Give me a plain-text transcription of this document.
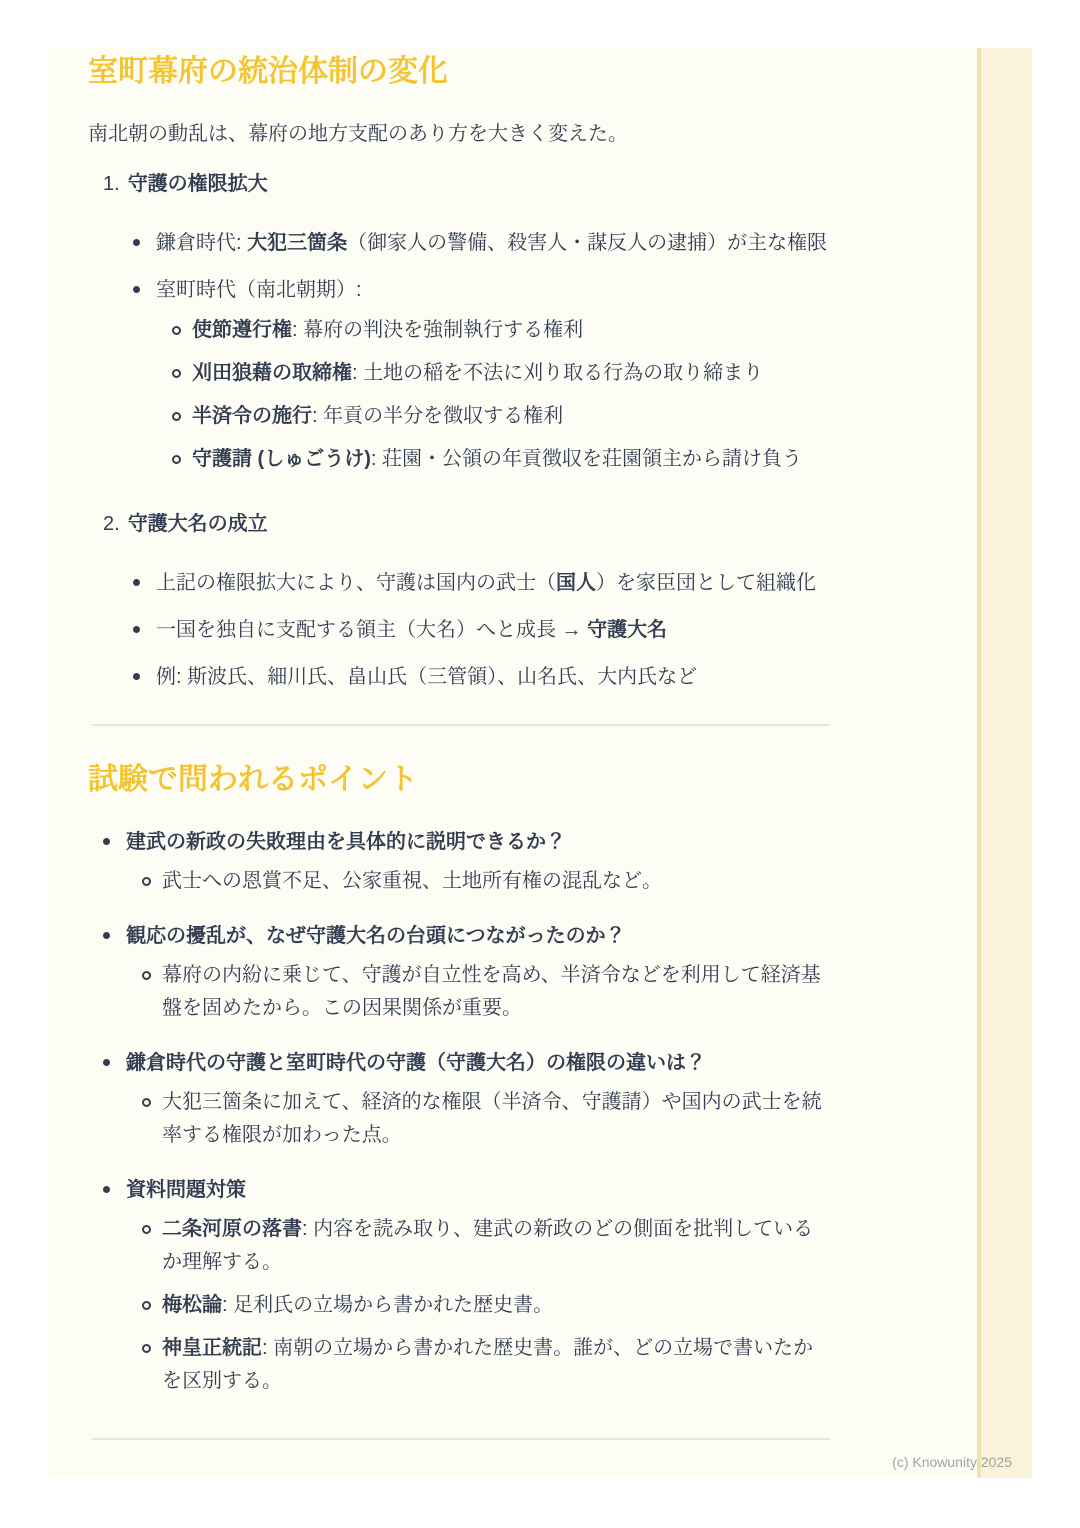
室町幕府の統治体制の変化

南北朝の動乱は、幕府の地方支配のあり方を大きく変えた。

1. 守護の権限拡大
鎌倉時代: 大犯三箇条（御家人の警備、殺害人・謀反人の逮捕）が主な権限
室町時代（南北朝期）:
使節遵行権: 幕府の判決を強制執行する権利
刈田狼藉の取締権: 土地の稲を不法に刈り取る行為の取り締まり
半済令の施行: 年貢の半分を徴収する権利
守護請 (しゅごうけ): 荘園・公領の年貢徴収を荘園領主から請け負う
2. 守護大名の成立
上記の権限拡大により、守護は国内の武士（国人）を家臣団として組織化
一国を独自に支配する領主（大名）へと成長 → 守護大名
例: 斯波氏、細川氏、畠山氏（三管領）、山名氏、大内氏など
試験で問われるポイント
建武の新政の失敗理由を具体的に説明できるか？
武士への恩賞不足、公家重視、土地所有権の混乱など。
観応の擾乱が、なぜ守護大名の台頭につながったのか？
幕府の内紛に乗じて、守護が自立性を高め、半済令などを利用して経済基盤を固めたから。この因果関係が重要。
鎌倉時代の守護と室町時代の守護（守護大名）の権限の違いは？
大犯三箇条に加えて、経済的な権限（半済令、守護請）や国内の武士を統率する権限が加わった点。
資料問題対策
二条河原の落書: 内容を読み取り、建武の新政のどの側面を批判しているか理解する。
梅松論: 足利氏の立場から書かれた歴史書。
神皇正統記: 南朝の立場から書かれた歴史書。誰が、どの立場で書いたかを区別する。
(c) Knowunity 2025
